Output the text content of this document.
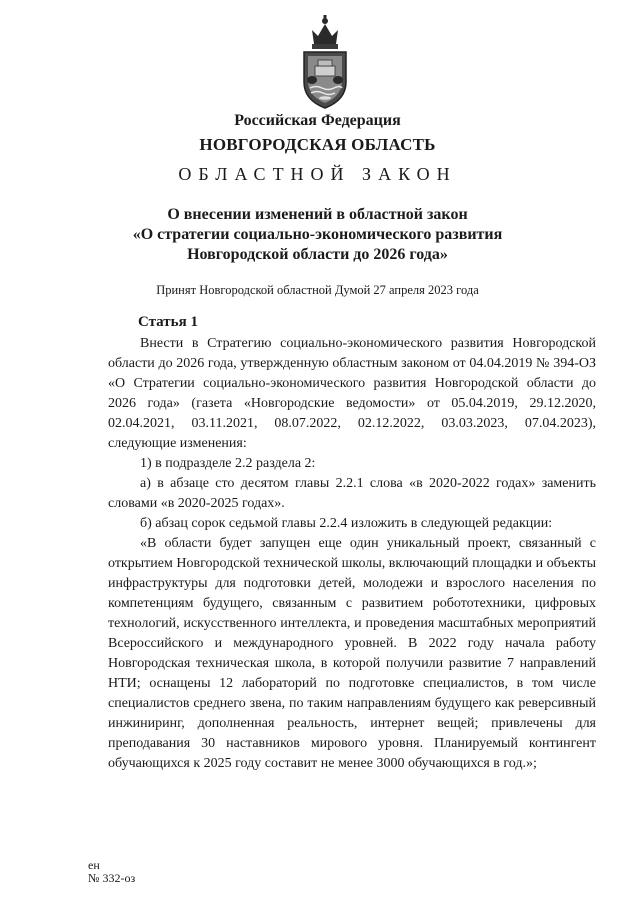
Российская Федерация
НОВГОРОДСКАЯ ОБЛАСТЬ
ОБЛАСТНОЙ ЗАКОН
О внесении изменений в областной закон
«О стратегии социально-экономического развития
Новгородской области до 2026 года»
Принят Новгородской областной Думой 27 апреля 2023 года
Статья 1

Внести в Стратегию социально-экономического развития Новгородской области до 2026 года, утвержденную областным законом от 04.04.2019 № 394-ОЗ «О Стратегии социально-экономического развития Новгородской области до 2026 года» (газета «Новгородские ведомости» от 05.04.2019, 29.12.2020, 02.04.2021, 03.11.2021, 08.07.2022, 02.12.2022, 03.03.2023, 07.04.2023), следующие изменения:

1) в подразделе 2.2 раздела 2:

а) в абзаце сто десятом главы 2.2.1 слова «в 2020-2022 годах» заменить словами «в 2020-2025 годах».

б) абзац сорок седьмой главы 2.2.4 изложить в следующей редакции:

«В области будет запущен еще один уникальный проект, связанный с открытием Новгородской технической школы, включающий площадки и объекты инфраструктуры для подготовки детей, молодежи и взрослого населения по компетенциям будущего, связанным с развитием робототехники, цифровых технологий, искусственного интеллекта, и проведения масштабных мероприятий Всероссийского и международного уровней. В 2022 году начала работу Новгородская техническая школа, в которой получили развитие 7 направлений НТИ; оснащены 12 лабораторий по подготовке специалистов, в том числе специалистов среднего звена, по таким направлениям будущего как реверсивный инжиниринг, дополненная реальность, интернет вещей; привлечены для преподавания 30 наставников мирового уровня. Планируемый контингент обучающихся к 2025 году составит не менее 3000 обучающихся в год.»;

ен
№ 332-оз
